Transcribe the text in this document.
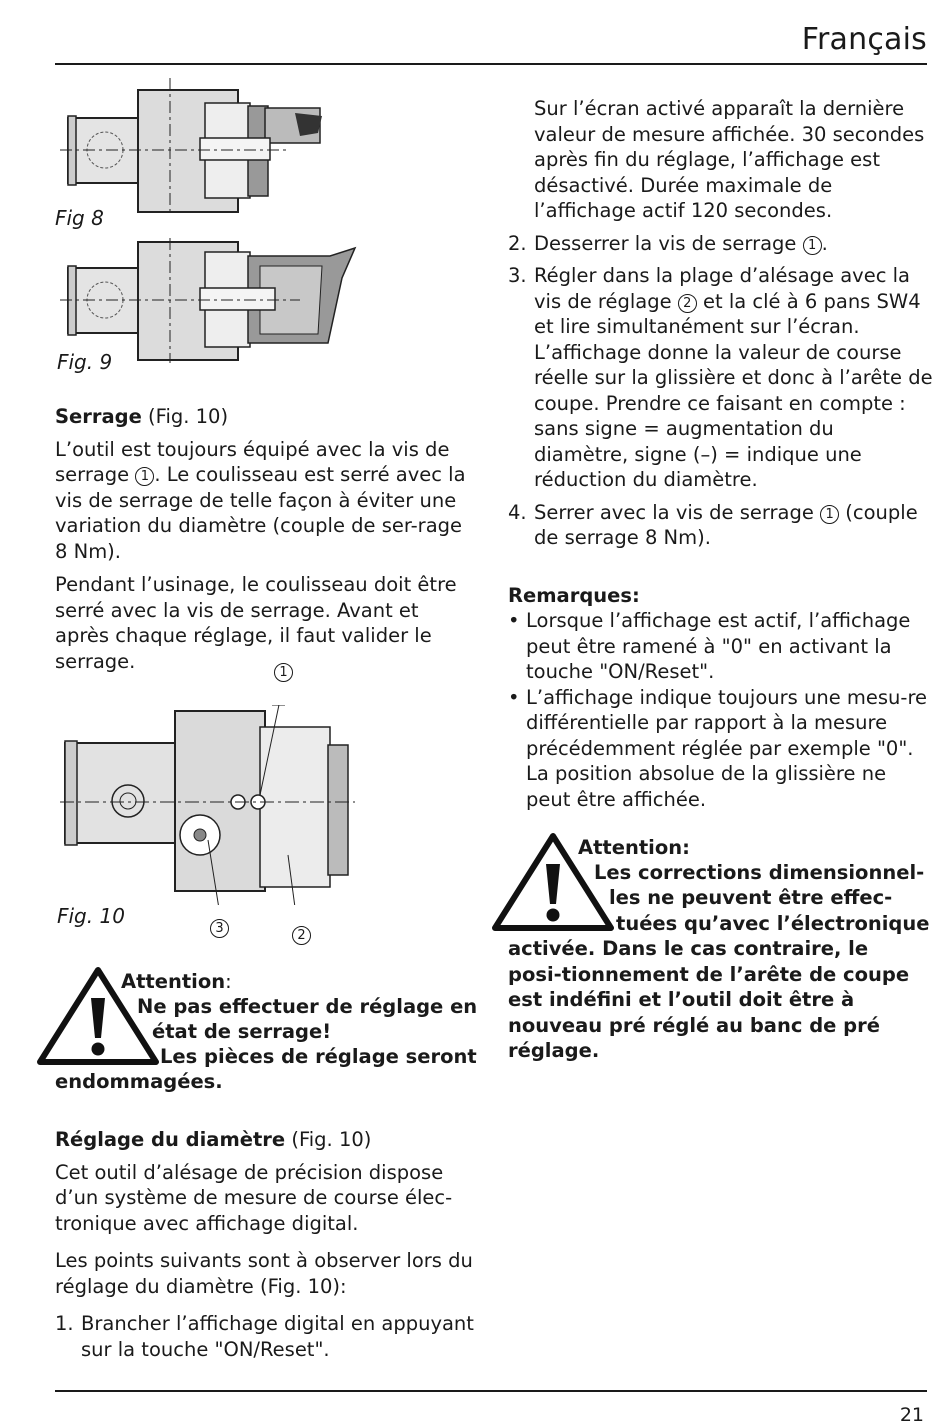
Français
Fig 8
Fig. 9

Serrage (Fig. 10)

L’outil est toujours équipé avec la vis de serrage 1 . Le coulisseau est serré avec la vis de serrage de telle façon à éviter une variation du diamètre (couple de ser-rage 8 Nm).

Pendant l’usinage, le coulisseau doit être serré avec la vis de serrage. Avant et après chaque réglage, il faut valider le serrage.	1
3	2
Fig. 10
Attention:
Ne pas effectuer de réglage en
état de serrage!
Les pièces de réglage seront
endommagées.

Réglage du diamètre (Fig. 10)

Cet outil d’alésage de précision dispose d’un système de mesure de course élec-tronique avec affichage digital.

Les points suivants sont à observer lors du réglage du diamètre (Fig. 10):

1. Brancher l’affichage digital en appuyant sur la touche "ON/Reset".

Sur l’écran activé apparaît la dernière valeur de mesure affichée. 30 secondes après fin du réglage, l’affichage est désactivé. Durée maximale de l’affichage actif 120 secondes.

2. Desserrer la vis de serrage 1 .

3. Régler dans la plage d’alésage avec la vis de réglage 2 et la clé à 6 pans SW4 et lire simultanément sur l’écran. L’affichage donne la valeur de course réelle sur la glissière et donc à l’arête de coupe. Prendre ce faisant en compte : sans signe = augmentation du diamètre, signe (–) = indique une réduction du diamètre.

4. Serrer avec la vis de serrage 1 (couple de serrage 8 Nm).

Remarques:

• Lorsque l’affichage est actif, l’affichage peut être ramené à "0" en activant la touche "ON/Reset".

• L’affichage indique toujours une mesu-re différentielle par rapport à la mesure précédemment réglée par exemple "0". La position absolue de la glissière ne peut être affichée.

Attention:
Les corrections dimensionnel-
les ne peuvent être effec-
tuées qu’avec l’électronique
activée. Dans le cas contraire, le posi-tionnement de l’arête de coupe est indéfini et l’outil doit être à nouveau pré réglé au banc de pré réglage.
21
